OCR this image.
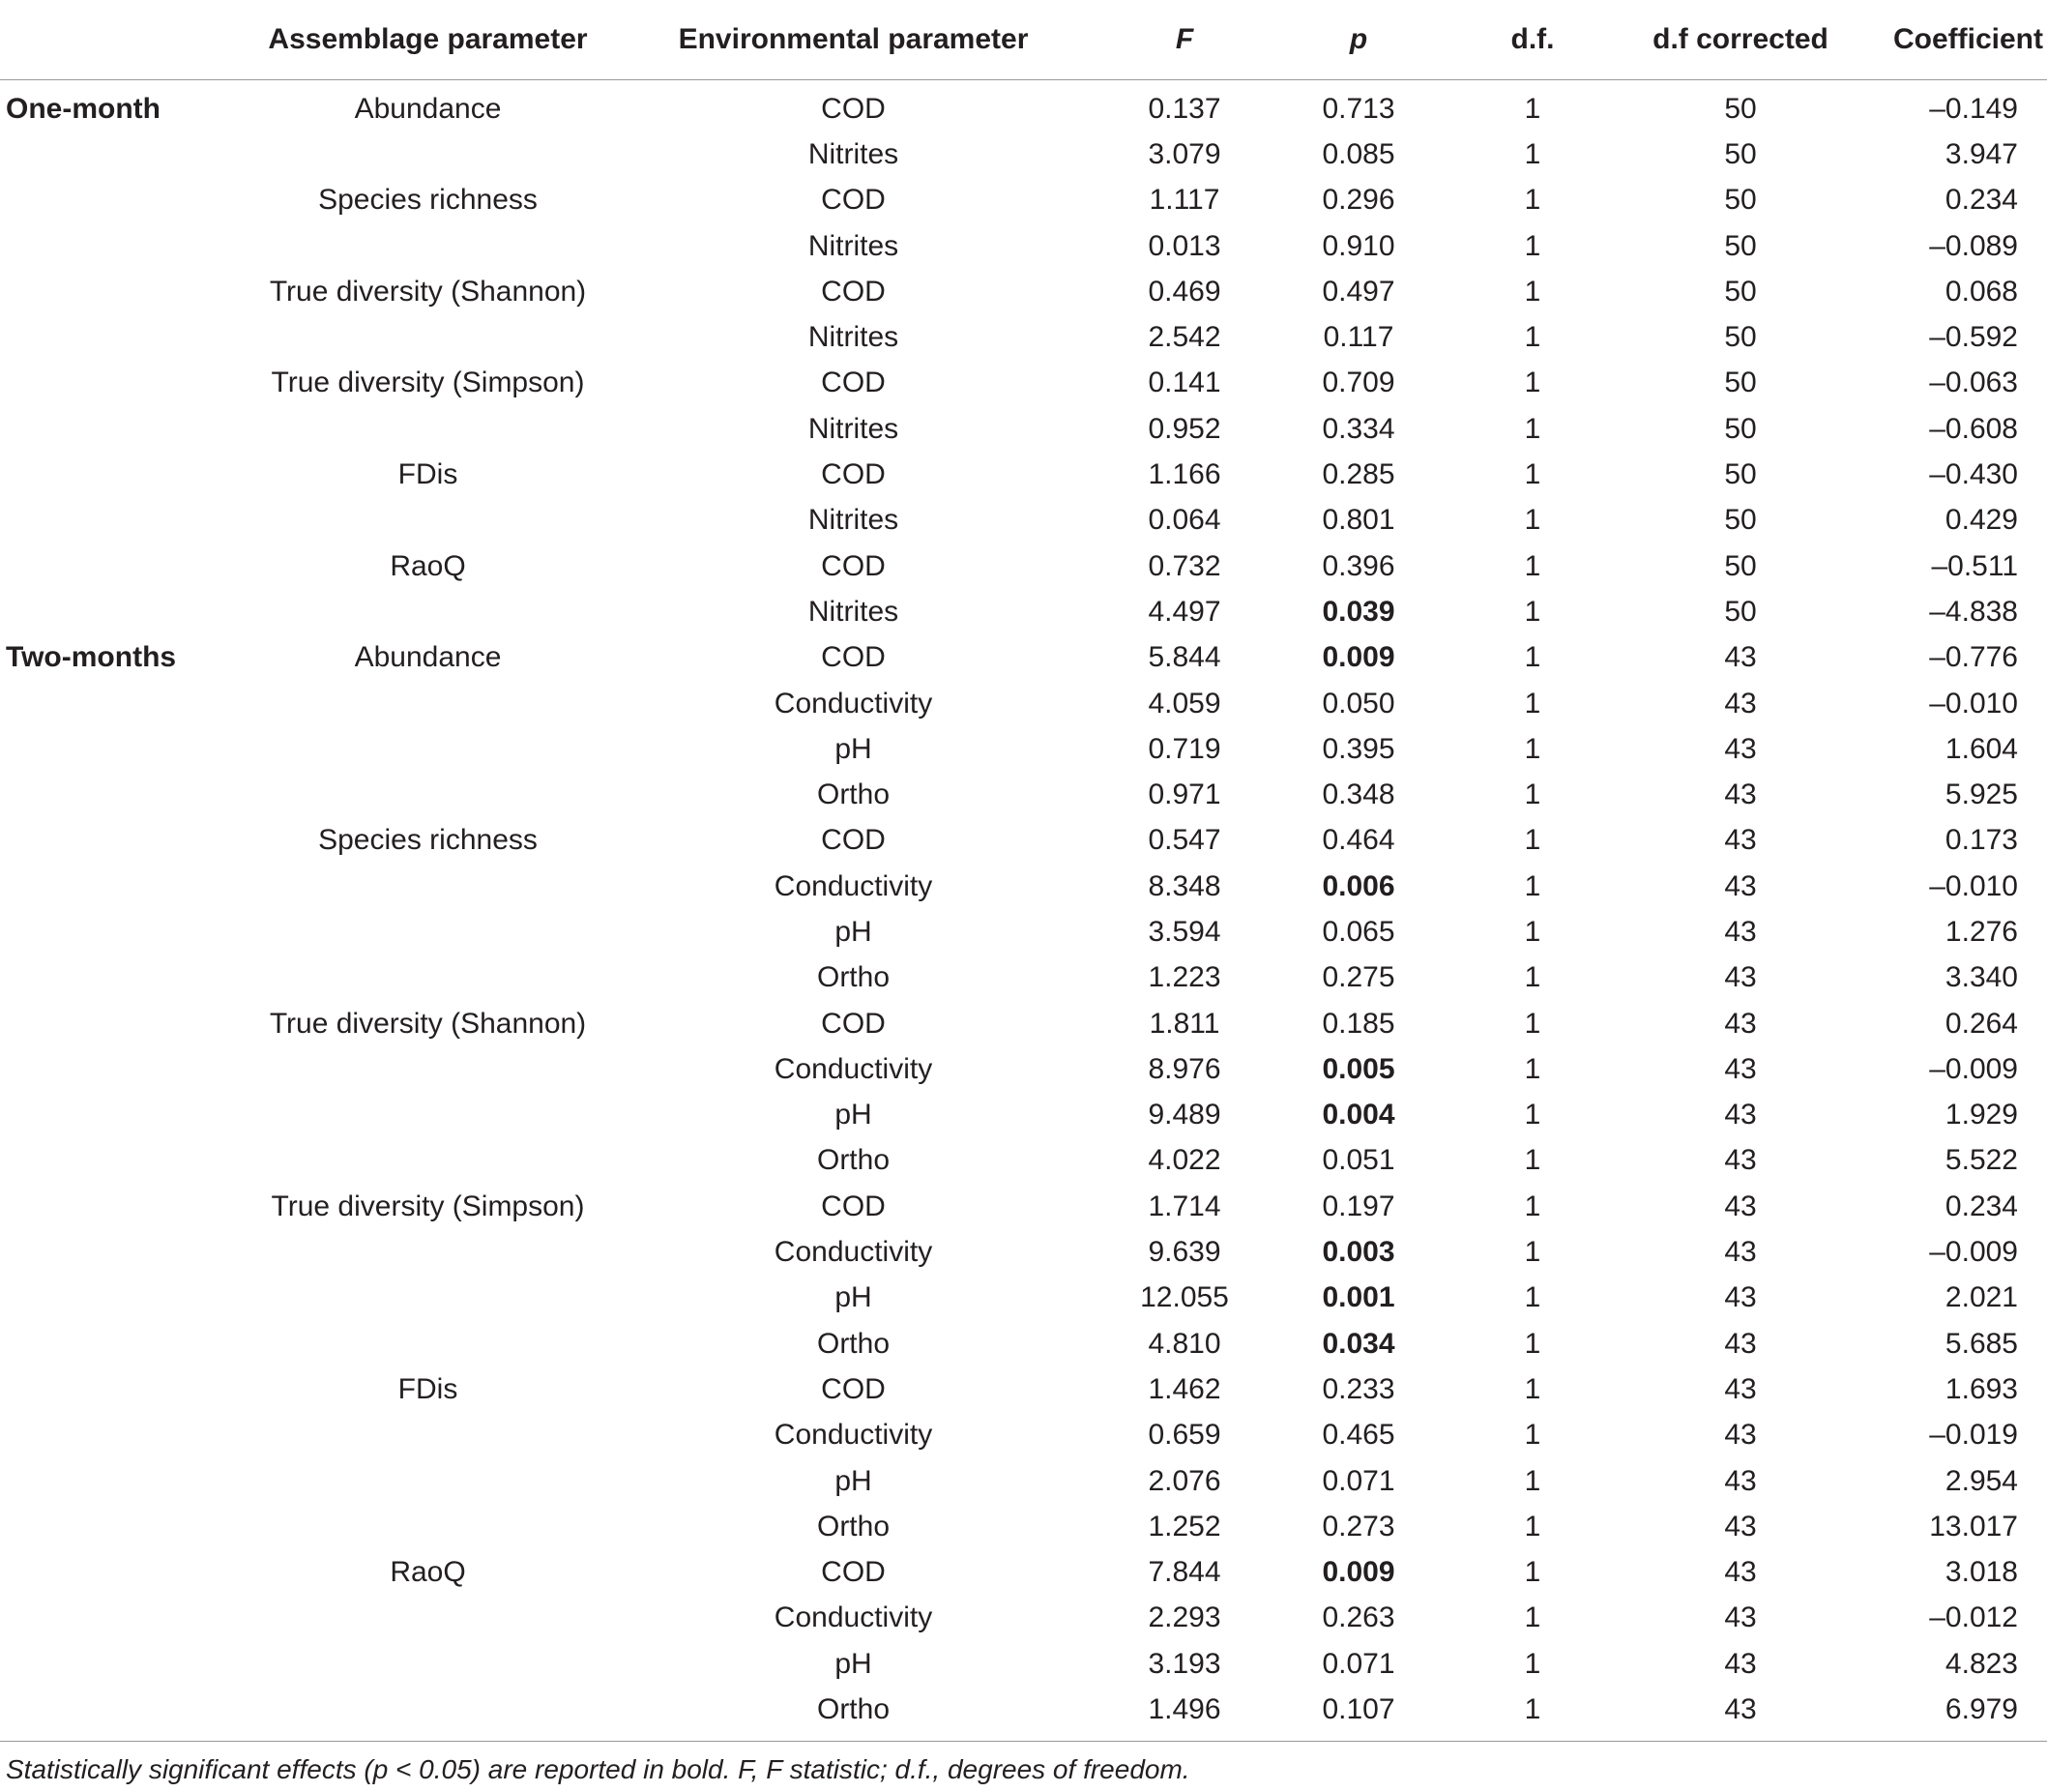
	Assemblage parameter	Environmental parameter	F	p	d.f.	d.f corrected	Coefficient
One-month	Abundance	COD	0.137	0.713	1	50	–0.149
		Nitrites	3.079	0.085	1	50	3.947
	Species richness	COD	1.117	0.296	1	50	0.234
		Nitrites	0.013	0.910	1	50	–0.089
	True diversity (Shannon)	COD	0.469	0.497	1	50	0.068
		Nitrites	2.542	0.117	1	50	–0.592
	True diversity (Simpson)	COD	0.141	0.709	1	50	–0.063
		Nitrites	0.952	0.334	1	50	–0.608
	FDis	COD	1.166	0.285	1	50	–0.430
		Nitrites	0.064	0.801	1	50	0.429
	RaoQ	COD	0.732	0.396	1	50	–0.511
		Nitrites	4.497	0.039	1	50	–4.838
Two-months	Abundance	COD	5.844	0.009	1	43	–0.776
		Conductivity	4.059	0.050	1	43	–0.010
		pH	0.719	0.395	1	43	1.604
		Ortho	0.971	0.348	1	43	5.925
	Species richness	COD	0.547	0.464	1	43	0.173
		Conductivity	8.348	0.006	1	43	–0.010
		pH	3.594	0.065	1	43	1.276
		Ortho	1.223	0.275	1	43	3.340
	True diversity (Shannon)	COD	1.811	0.185	1	43	0.264
		Conductivity	8.976	0.005	1	43	–0.009
		pH	9.489	0.004	1	43	1.929
		Ortho	4.022	0.051	1	43	5.522
	True diversity (Simpson)	COD	1.714	0.197	1	43	0.234
		Conductivity	9.639	0.003	1	43	–0.009
		pH	12.055	0.001	1	43	2.021
		Ortho	4.810	0.034	1	43	5.685
	FDis	COD	1.462	0.233	1	43	1.693
		Conductivity	0.659	0.465	1	43	–0.019
		pH	2.076	0.071	1	43	2.954
		Ortho	1.252	0.273	1	43	13.017
	RaoQ	COD	7.844	0.009	1	43	3.018
		Conductivity	2.293	0.263	1	43	–0.012
		pH	3.193	0.071	1	43	4.823
		Ortho	1.496	0.107	1	43	6.979
Statistically significant effects (p < 0.05) are reported in bold. F, F statistic; d.f., degrees of freedom.
